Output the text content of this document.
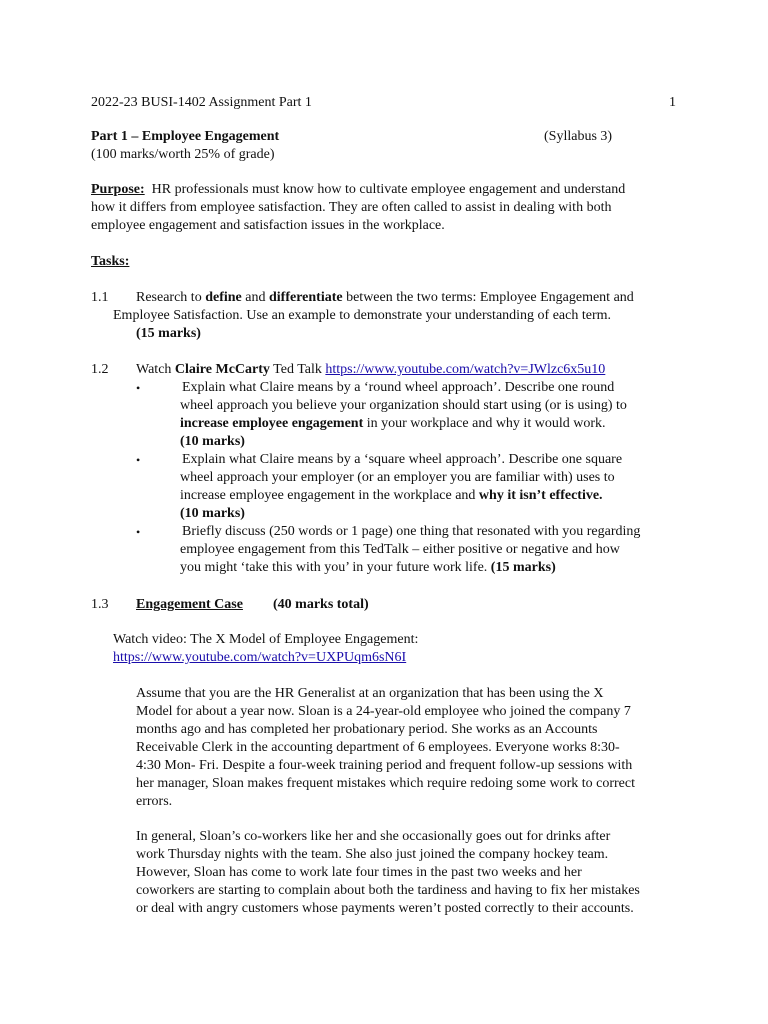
2022-23 BUSI-1402 Assignment Part 1	1
Part 1 – Employee Engagement	(Syllabus 3)
(100 marks/worth 25% of grade)
Purpose: HR professionals must know how to cultivate employee engagement and understand
how it differs from employee satisfaction. They are often called to assist in dealing with both
employee engagement and satisfaction issues in the workplace.
Tasks:
1.1 Research to define and differentiate between the two terms: Employee Engagement and
Employee Satisfaction. Use an example to demonstrate your understanding of each term.
(15 marks)
1.2 Watch Claire McCarty Ted Talk https://www.youtube.com/watch?v=JWlzc6x5u10
•	Explain what Claire means by a ‘round wheel approach’. Describe one round
wheel approach you believe your organization should start using (or is using) to
increase employee engagement in your workplace and why it would work.
(10 marks)
•	Explain what Claire means by a ‘square wheel approach’. Describe one square
wheel approach your employer (or an employer you are familiar with) uses to
increase employee engagement in the workplace and why it isn’t effective.
(10 marks)
•	Briefly discuss (250 words or 1 page) one thing that resonated with you regarding
employee engagement from this TedTalk – either positive or negative and how
you might ‘take this with you’ in your future work life. (15 marks)
1.3 Engagement Case (40 marks total)
Watch video: The X Model of Employee Engagement:
https://www.youtube.com/watch?v=UXPUqm6sN6I
Assume that you are the HR Generalist at an organization that has been using the X
Model for about a year now. Sloan is a 24-year-old employee who joined the company 7
months ago and has completed her probationary period. She works as an Accounts
Receivable Clerk in the accounting department of 6 employees. Everyone works 8:30-
4:30 Mon- Fri. Despite a four-week training period and frequent follow-up sessions with
her manager, Sloan makes frequent mistakes which require redoing some work to correct
errors.
In general, Sloan’s co-workers like her and she occasionally goes out for drinks after
work Thursday nights with the team. She also just joined the company hockey team.
However, Sloan has come to work late four times in the past two weeks and her
coworkers are starting to complain about both the tardiness and having to fix her mistakes
or deal with angry customers whose payments weren’t posted correctly to their accounts.
